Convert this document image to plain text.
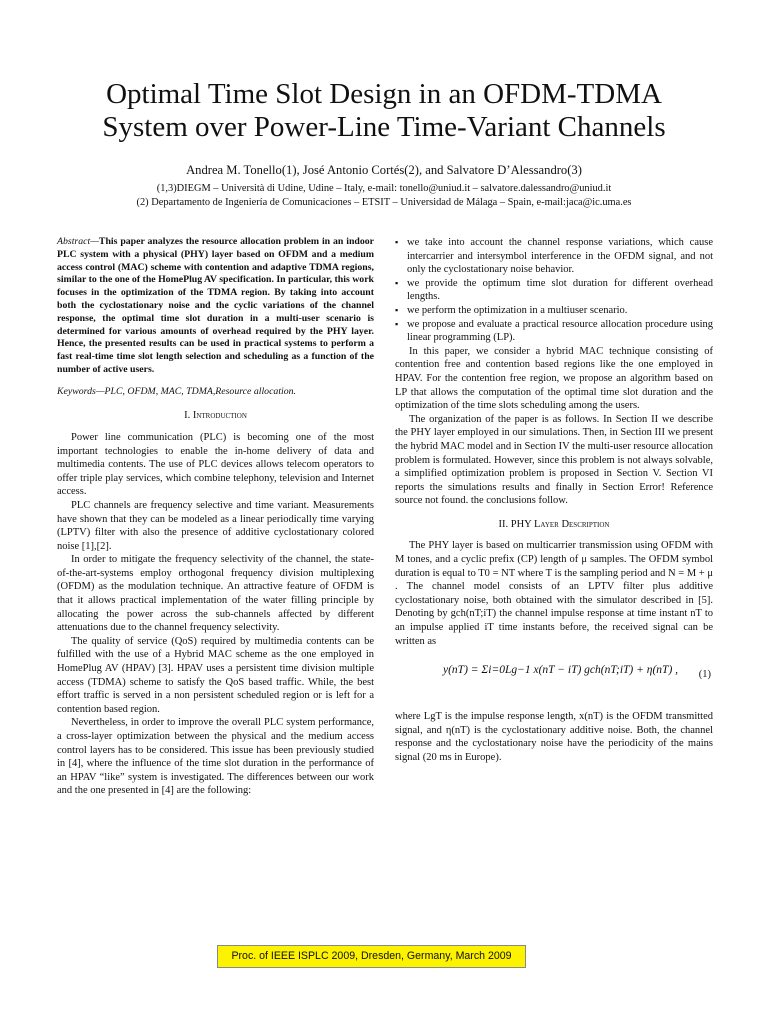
Optimal Time Slot Design in an OFDM-TDMA
System over Power-Line Time-Variant Channels
Andrea M. Tonello(1), José Antonio Cortés(2), and Salvatore D’Alessandro(3)
(1,3)DIEGM – Università di Udine, Udine – Italy, e-mail: tonello@uniud.it – salvatore.dalessandro@uniud.it
(2) Departamento de Ingeniería de Comunicaciones – ETSIT – Universidad de Málaga – Spain, e-mail:jaca@ic.uma.es

Abstract—This paper analyzes the resource allocation problem in an indoor PLC system with a physical (PHY) layer based on OFDM and a medium access control (MAC) scheme with contention and adaptive TDMA regions, similar to the one of the HomePlug AV specification. In particular, this work focuses in the optimization of the TDMA region. By taking into account both the cyclostationary noise and the cyclic variations of the channel response, the optimal time slot duration in a multi-user scenario is determined for various amounts of overhead required by the PHY layer. Hence, the presented results can be used in practical systems to perform a fast real-time time slot length selection and scheduling as a function of the number of active users.

Keywords—PLC, OFDM, MAC, TDMA,Resource allocation.

I. Introduction

Power line communication (PLC) is becoming one of the most important technologies to enable the in-home delivery of data and multimedia contents. The use of PLC devices allows telecom operators to offer triple play services, which combine telephony, television and Internet access.

PLC channels are frequency selective and time variant. Measurements have shown that they can be modeled as a linear periodically time varying (LPTV) filter with also the presence of additive cyclostationary colored noise [1],[2].

In order to mitigate the frequency selectivity of the channel, the state-of-the-art-systems employ orthogonal frequency division multiplexing (OFDM) as the modulation technique. An attractive feature of OFDM is that it allows practical implementation of the water filling principle by allocating the power across the sub-channels affected by different attenuations due to the channel frequency selectivity.

The quality of service (QoS) required by multimedia contents can be fulfilled with the use of a Hybrid MAC scheme as the one employed in HomePlug AV (HPAV) [3]. HPAV uses a persistent time division multiple access (TDMA) scheme to satisfy the QoS based traffic. While, the best effort traffic is served in a non persistent scheduled region or is left for a contention based region.

Nevertheless, in order to improve the overall PLC system performance, a cross-layer optimization between the physical and the medium access control layers has to be considered. This issue has been previously studied in [4], where the influence of the time slot duration in the performance of an HPAV “like” system is investigated. The differences between our work and the one presented in [4] are the following:

▪ we take into account the channel response variations, which cause intercarrier and intersymbol interference in the OFDM signal, and not only the cyclostationary noise behavior.

▪ we provide the optimum time slot duration for different overhead lengths.

▪ we perform the optimization in a multiuser scenario.

▪ we propose and evaluate a practical resource allocation procedure using linear programming (LP).

In this paper, we consider a hybrid MAC technique consisting of contention free and contention based regions like the one employed in HPAV. For the contention free region, we propose an algorithm based on LP that allows the computation of the optimal time slot duration and the optimization of the time slots scheduling among the users.

The organization of the paper is as follows. In Section II we describe the PHY layer employed in our simulations. Then, in Section III we present the hybrid MAC model and in Section IV the multi-user resource allocation problem is formulated. However, since this problem is not always solvable, a simplified optimization problem is proposed in Section V. Section VI reports the simulations results and finally in Section Error! Reference source not found. the conclusions follow.

II. PHY Layer Description

The PHY layer is based on multicarrier transmission using OFDM with M tones, and a cyclic prefix (CP) length of μ samples. The OFDM symbol duration is equal to T0 = NT where T is the sampling period and N = M + μ . The channel model consists of an LPTV filter plus additive cyclostationary noise, both obtained with the simulator described in [5]. Denoting by gch(nT;iT) the channel impulse response at time instant nT to an impulse applied iT time instants before, the received signal can be written as

y(nT) = Σi=0Lg−1 x(nT − iT) gch(nT;iT) + η(nT) , (1)

where LgT is the impulse response length, x(nT) is the OFDM transmitted signal, and η(nT) is the cyclostationary additive noise. Both, the channel response and the cyclostationary noise have the periodicity of the mains signal (20 ms in Europe).

Proc. of IEEE ISPLC 2009, Dresden, Germany, March 2009
